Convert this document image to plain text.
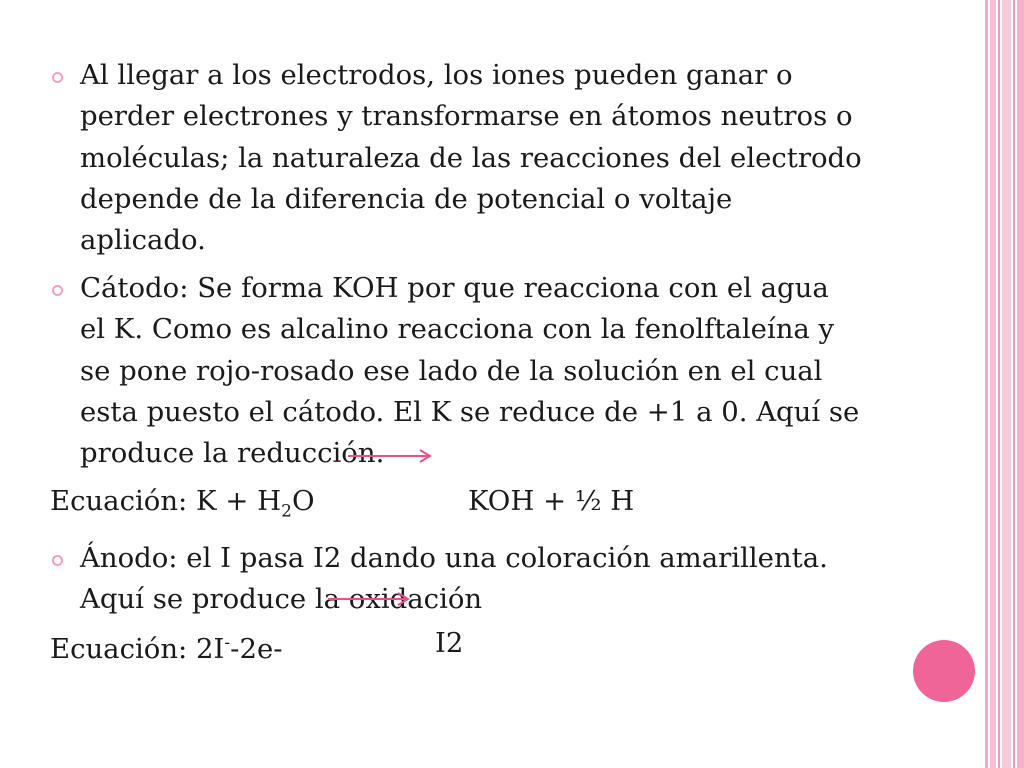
Al llegar a los electrodos, los iones pueden ganar o
perder electrones y transformarse en átomos neutros o
moléculas; la naturaleza de las reacciones del electrodo
depende de la diferencia de potencial o voltaje
aplicado.
Cátodo: Se forma KOH por que reacciona con el agua
el K. Como es alcalino reacciona con la fenolftaleína y
se pone rojo-rosado ese lado de la solución en el cual
esta puesto el cátodo. El K se reduce de +1 a 0. Aquí se
produce la reducción.
Ecuación: $K + H_2O$	KOH + ½ H
Ánodo: el I pasa I2 dando una coloración amarillenta.
Aquí se produce la oxidación
Ecuación: 2I--2e-	I2
